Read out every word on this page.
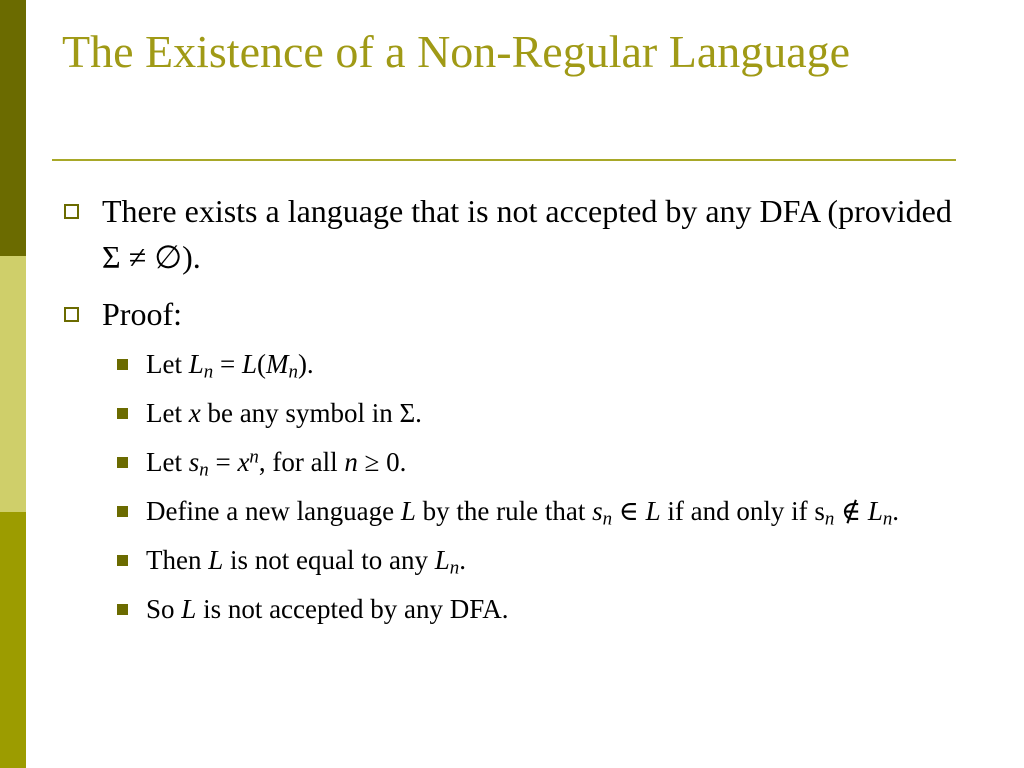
The Existence of a Non-Regular Language
There exists a language that is not accepted by any DFA (provided Σ ≠ ∅).
Proof:
Let $L_n = L(M_n)$.
Let x be any symbol in Σ.
Let $s_n = x^n$, for all n ≥ 0.
Define a new language L by the rule that $s_n$ ∈ L if and only if $s_n$ ∉ $L_n$.
Then L is not equal to any $L_n$.
So L is not accepted by any DFA.
